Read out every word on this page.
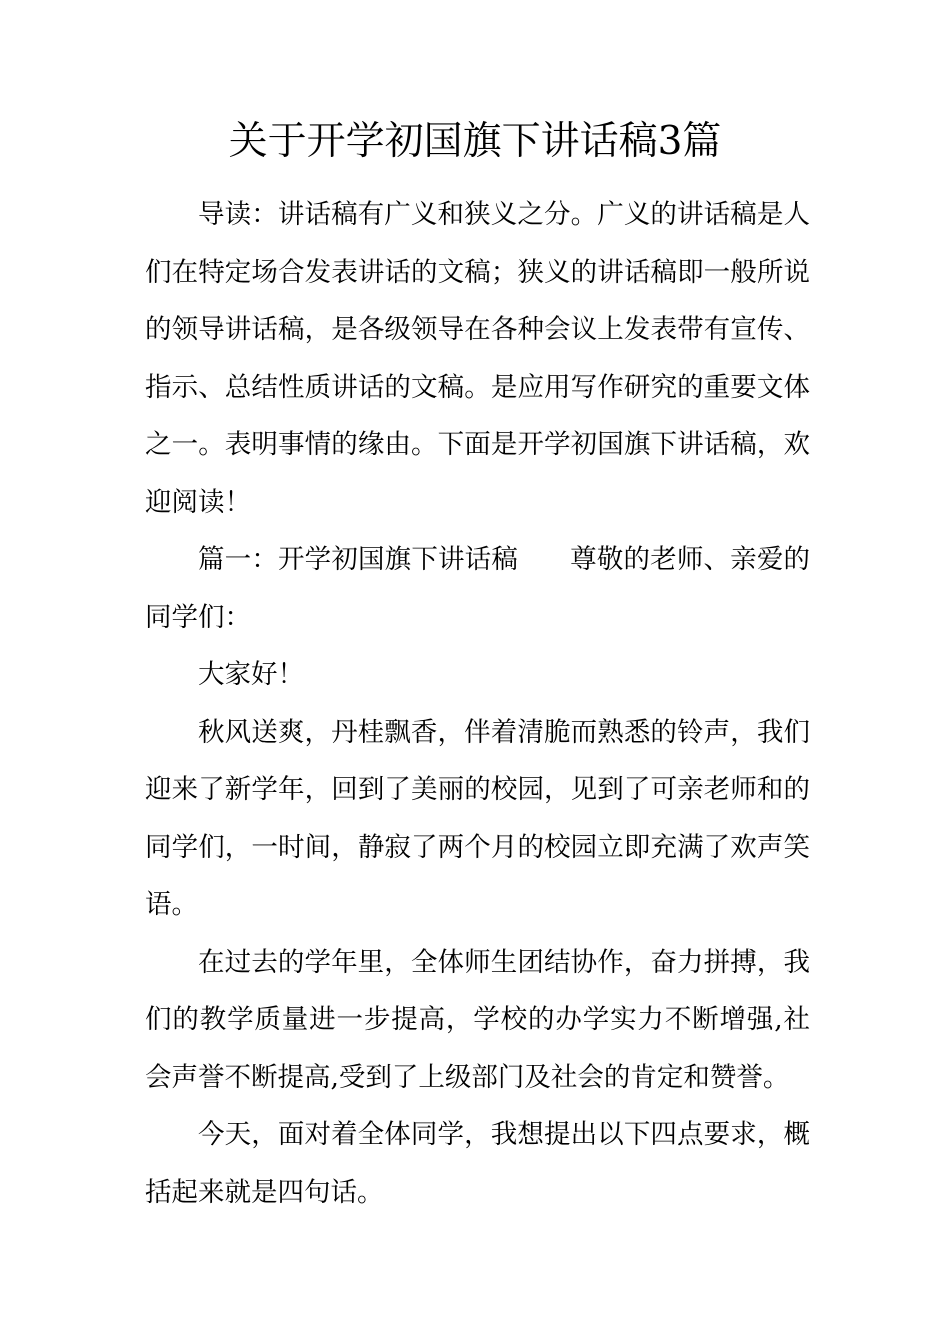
关于开学初国旗下讲话稿3篇

导读：讲话稿有广义和狭义之分。广义的讲话稿是人们在特定场合发表讲话的文稿；狭义的讲话稿即一般所说的领导讲话稿，是各级领导在各种会议上发表带有宣传、指示、总结性质讲话的文稿。是应用写作研究的重要文体之一。表明事情的缘由。下面是开学初国旗下讲话稿，欢迎阅读！

篇一：开学初国旗下讲话稿 尊敬的老师、亲爱的同学们：

大家好！

秋风送爽，丹桂飘香，伴着清脆而熟悉的铃声，我们迎来了新学年，回到了美丽的校园，见到了可亲老师和的同学们，一时间，静寂了两个月的校园立即充满了欢声笑语。

在过去的学年里，全体师生团结协作，奋力拼搏，我们的教学质量进一步提高，学校的办学实力不断增强,社会声誉不断提高,受到了上级部门及社会的肯定和赞誉。

今天，面对着全体同学，我想提出以下四点要求，概括起来就是四句话。
